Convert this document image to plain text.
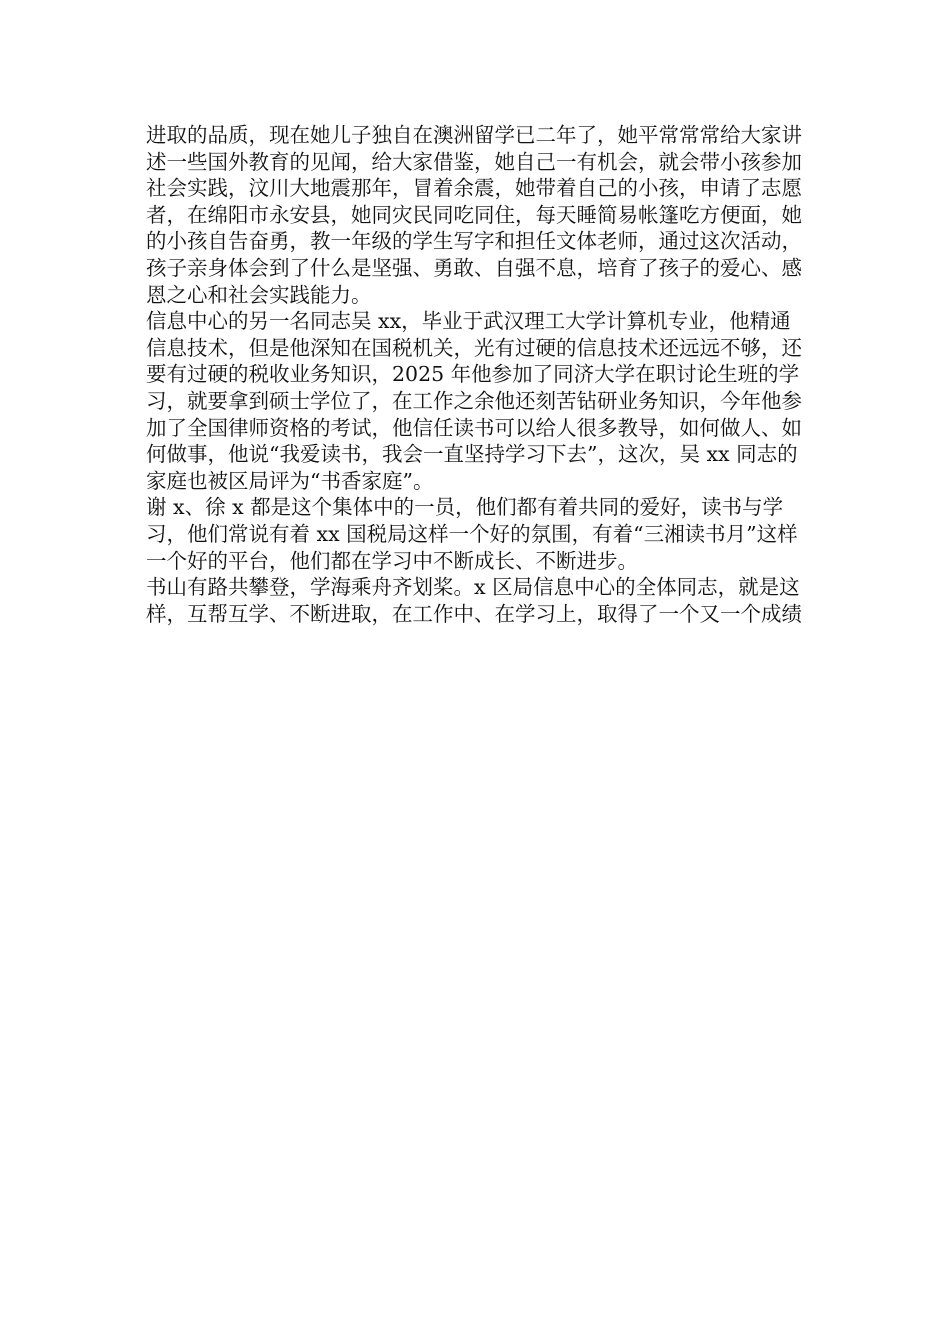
进取的品质，现在她儿子独自在澳洲留学已二年了，她平常常常给大家讲述一些国外教育的见闻，给大家借鉴，她自己一有机会，就会带小孩参加社会实践，汶川大地震那年，冒着余震，她带着自己的小孩，申请了志愿者，在绵阳市永安县，她同灾民同吃同住，每天睡简易帐篷吃方便面，她的小孩自告奋勇，教一年级的学生写字和担任文体老师，通过这次活动，孩子亲身体会到了什么是坚强、勇敢、自强不息，培育了孩子的爱心、感恩之心和社会实践能力。

信息中心的另一名同志吴 xx，毕业于武汉理工大学计算机专业，他精通信息技术，但是他深知在国税机关，光有过硬的信息技术还远远不够，还要有过硬的税收业务知识，2025 年他参加了同济大学在职讨论生班的学习，就要拿到硕士学位了，在工作之余他还刻苦钻研业务知识，今年他参加了全国律师资格的考试，他信任读书可以给人很多教导，如何做人、如何做事，他说“我爱读书，我会一直坚持学习下去”，这次，吴 xx 同志的家庭也被区局评为“书香家庭”。

谢 x、徐 x 都是这个集体中的一员，他们都有着共同的爱好，读书与学习，他们常说有着 xx 国税局这样一个好的氛围，有着“三湘读书月”这样一个好的平台，他们都在学习中不断成长、不断进步。

书山有路共攀登，学海乘舟齐划桨。x 区局信息中心的全体同志，就是这样，互帮互学、不断进取，在工作中、在学习上，取得了一个又一个成绩
